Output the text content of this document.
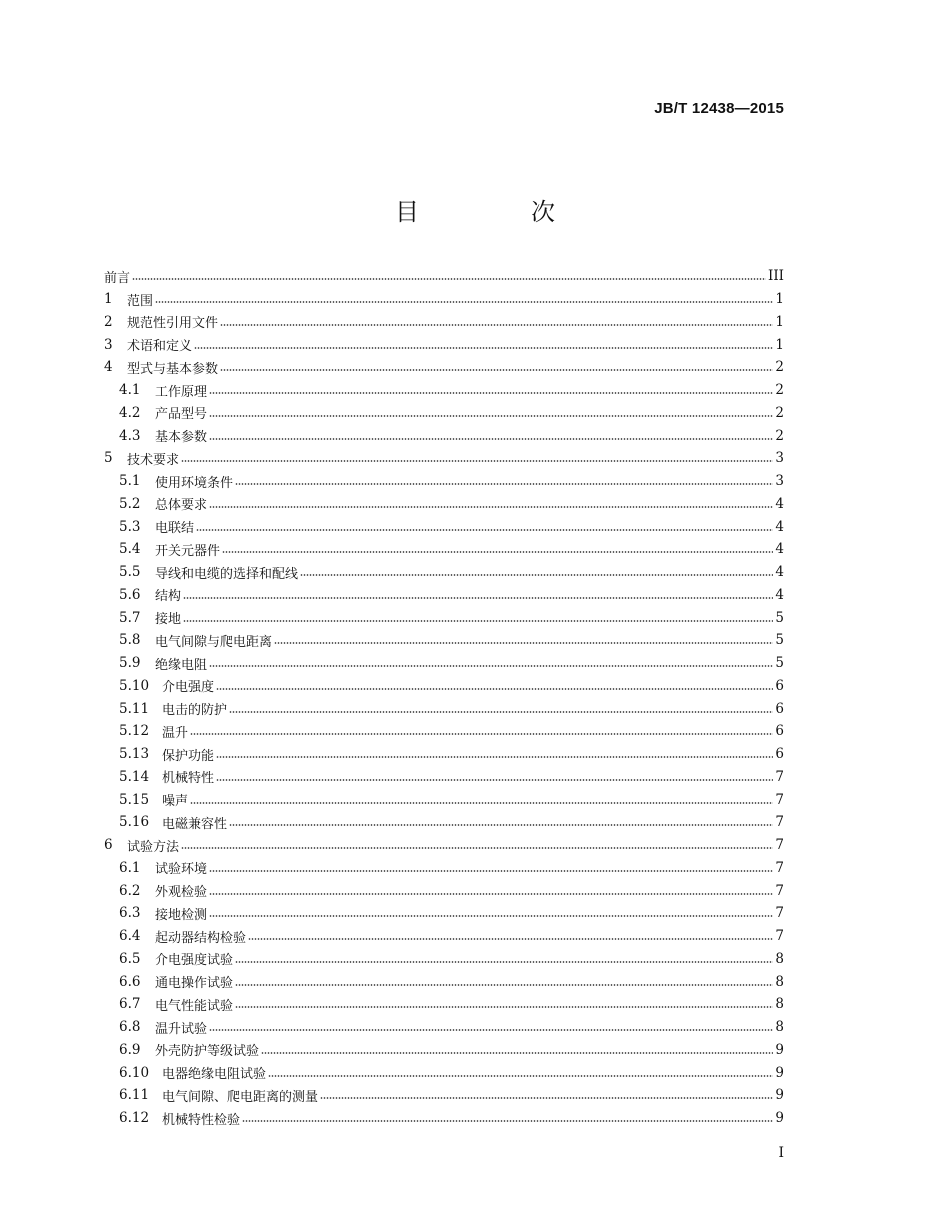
JB/T 12438—2015
目　次
前言	III
1	范围	1
2	规范性引用文件	1
3	术语和定义	1
4	型式与基本参数	2
4.1	工作原理	2
4.2	产品型号	2
4.3	基本参数	2
5	技术要求	3
5.1	使用环境条件	3
5.2	总体要求	4
5.3	电联结	4
5.4	开关元器件	4
5.5	导线和电缆的选择和配线	4
5.6	结构	4
5.7	接地	5
5.8	电气间隙与爬电距离	5
5.9	绝缘电阻	5
5.10 介电强度	6
5.11 电击的防护	6
5.12 温升	6
5.13 保护功能	6
5.14 机械特性	7
5.15 噪声	7
5.16 电磁兼容性	7
6	试验方法	7
6.1	试验环境	7
6.2	外观检验	7
6.3	接地检测	7
6.4	起动器结构检验	7
6.5	介电强度试验	8
6.6	通电操作试验	8
6.7	电气性能试验	8
6.8	温升试验	8
6.9	外壳防护等级试验	9
6.10 电器绝缘电阻试验	9
6.11 电气间隙、爬电距离的测量	9
6.12 机械特性检验	9
I
